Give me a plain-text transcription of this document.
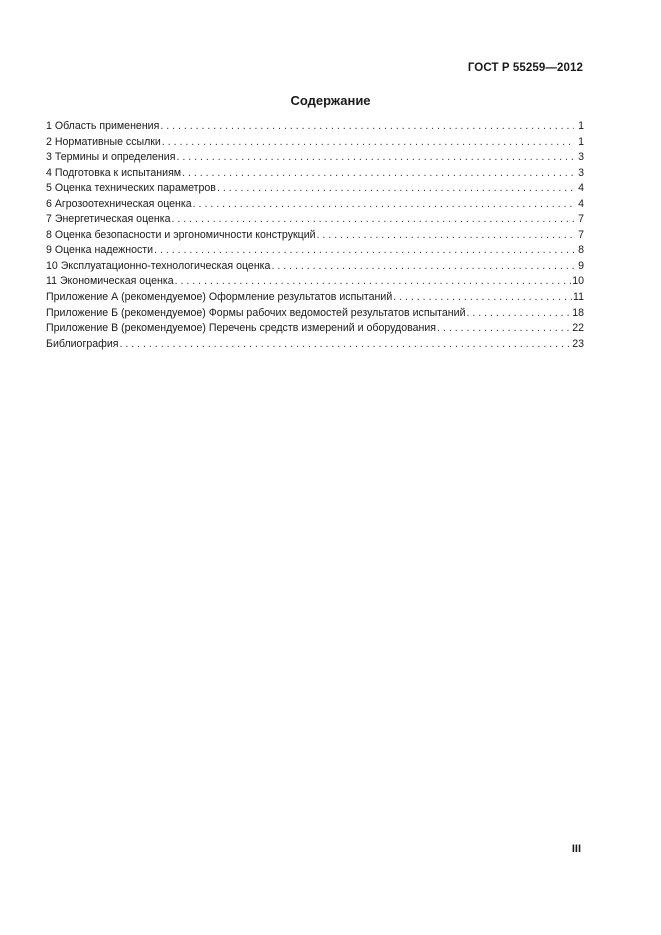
ГОСТ Р 55259—2012
Содержание
1 Область применения . . .	1
2 Нормативные ссылки . . .	1
3 Термины и определения . . .	3
4 Подготовка к испытаниям . . .	3
5 Оценка технических параметров . . .	4
6 Агрозоотехническая оценка . . .	4
7 Энергетическая оценка . . .	7
8 Оценка безопасности и эргономичности конструкций . . .	7
9 Оценка надежности . . .	8
10 Эксплуатационно-технологическая оценка . . .	9
11 Экономическая оценка . . .	10
Приложение А (рекомендуемое) Оформление результатов испытаний . . .	11
Приложение Б (рекомендуемое) Формы рабочих ведомостей результатов испытаний . . .	18
Приложение В (рекомендуемое) Перечень средств измерений и оборудования . . .	22
Библиография . . .	23
III
